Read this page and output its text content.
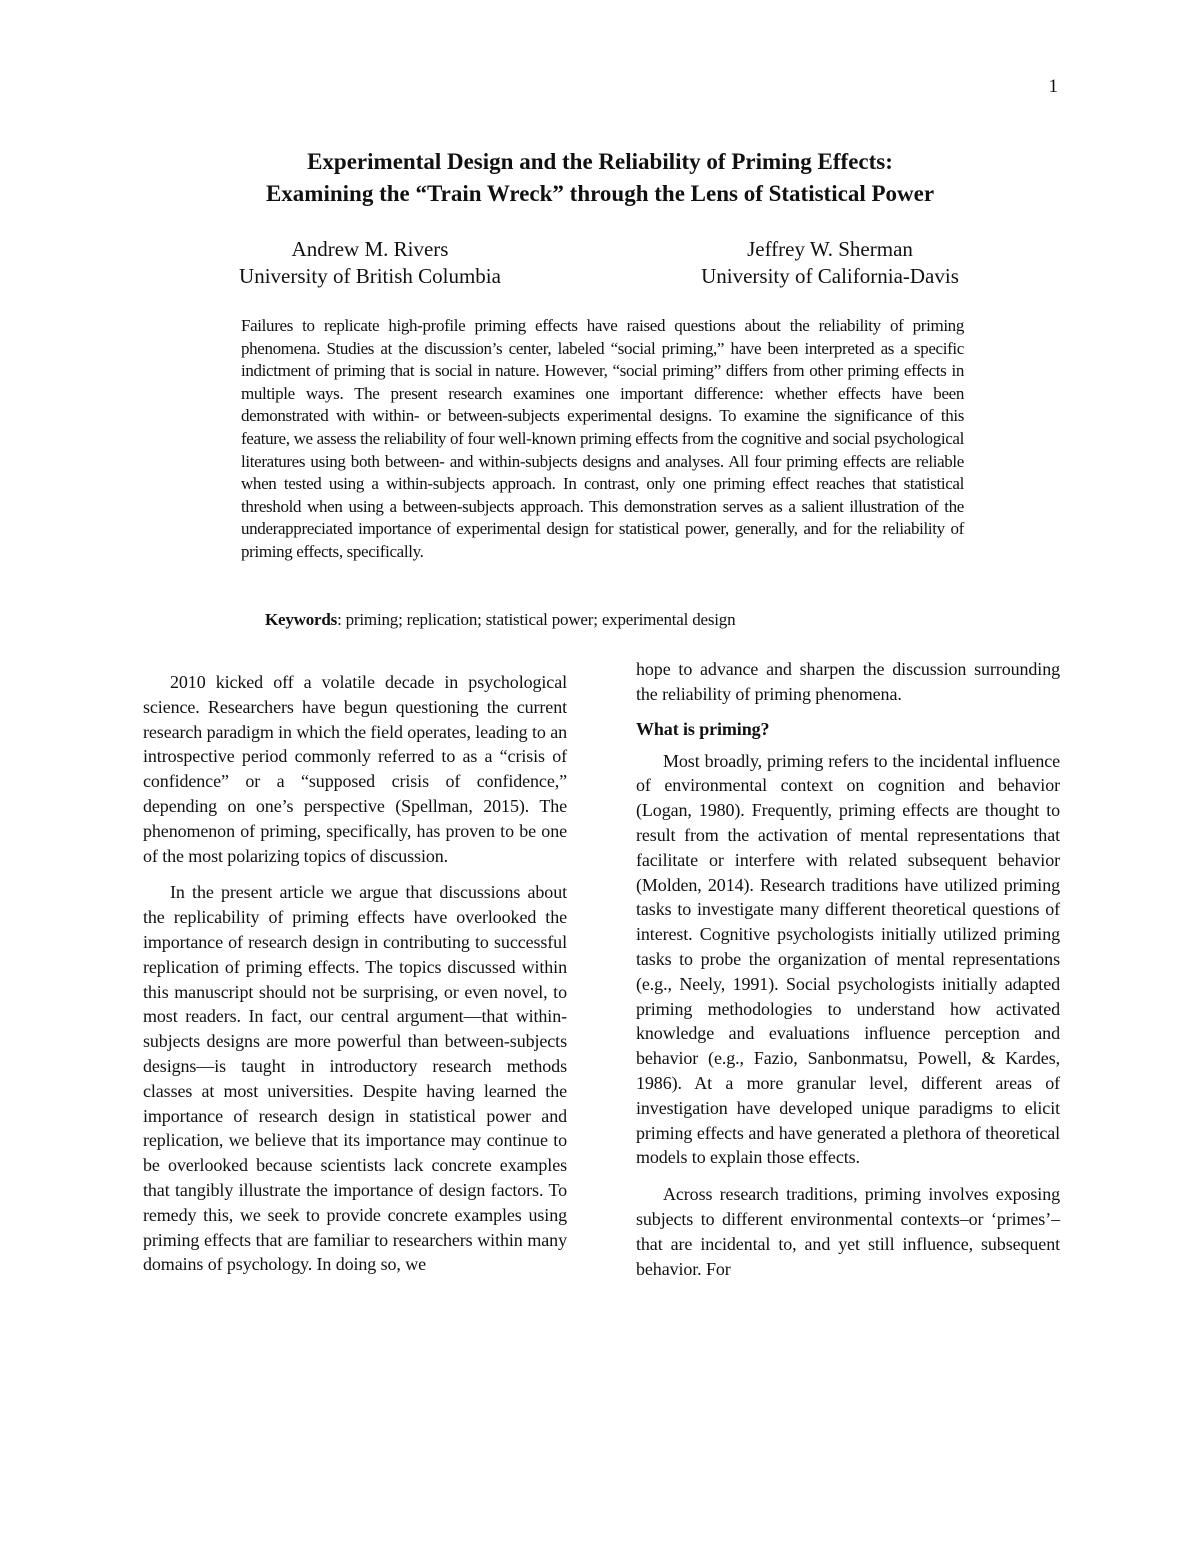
1
Experimental Design and the Reliability of Priming Effects:
Examining the “Train Wreck” through the Lens of Statistical Power
Andrew M. Rivers
University of British Columbia
Jeffrey W. Sherman
University of California-Davis
Failures to replicate high-profile priming effects have raised questions about the reliability of priming phenomena. Studies at the discussion’s center, labeled “social priming,” have been interpreted as a specific indictment of priming that is social in nature. However, “social priming” differs from other priming effects in multiple ways. The present research examines one important difference: whether effects have been demonstrated with within- or between-subjects experimental designs. To examine the significance of this feature, we assess the reliability of four well-known priming effects from the cognitive and social psychological literatures using both between- and within-subjects designs and analyses. All four priming effects are reliable when tested using a within-subjects approach. In contrast, only one priming effect reaches that statistical threshold when using a between-subjects approach. This demonstration serves as a salient illustration of the underappreciated importance of experimental design for statistical power, generally, and for the reliability of priming effects, specifically.
Keywords: priming; replication; statistical power; experimental design

2010 kicked off a volatile decade in psychological science. Researchers have begun questioning the current research paradigm in which the field operates, leading to an introspective period commonly referred to as a “crisis of confidence” or a “supposed crisis of confidence,” depending on one’s perspective (Spellman, 2015). The phenomenon of priming, specifically, has proven to be one of the most polarizing topics of discussion.

In the present article we argue that discussions about the replicability of priming effects have overlooked the importance of research design in contributing to successful replication of priming effects. The topics discussed within this manuscript should not be surprising, or even novel, to most readers. In fact, our central argument—that within-subjects designs are more powerful than between-subjects designs—is taught in introductory research methods classes at most universities. Despite having learned the importance of research design in statistical power and replication, we believe that its importance may continue to be overlooked because scientists lack concrete examples that tangibly illustrate the importance of design factors. To remedy this, we seek to provide concrete examples using priming effects that are familiar to researchers within many domains of psychology. In doing so, we

hope to advance and sharpen the discussion surrounding the reliability of priming phenomena.

What is priming?

Most broadly, priming refers to the incidental influence of environmental context on cognition and behavior (Logan, 1980). Frequently, priming effects are thought to result from the activation of mental representations that facilitate or interfere with related subsequent behavior (Molden, 2014). Research traditions have utilized priming tasks to investigate many different theoretical questions of interest. Cognitive psychologists initially utilized priming tasks to probe the organization of mental representations (e.g., Neely, 1991). Social psychologists initially adapted priming methodologies to understand how activated knowledge and evaluations influence perception and behavior (e.g., Fazio, Sanbonmatsu, Powell, & Kardes, 1986). At a more granular level, different areas of investigation have developed unique paradigms to elicit priming effects and have generated a plethora of theoretical models to explain those effects.

Across research traditions, priming involves exposing subjects to different environmental contexts–or ‘primes’–that are incidental to, and yet still influence, subsequent behavior. For
